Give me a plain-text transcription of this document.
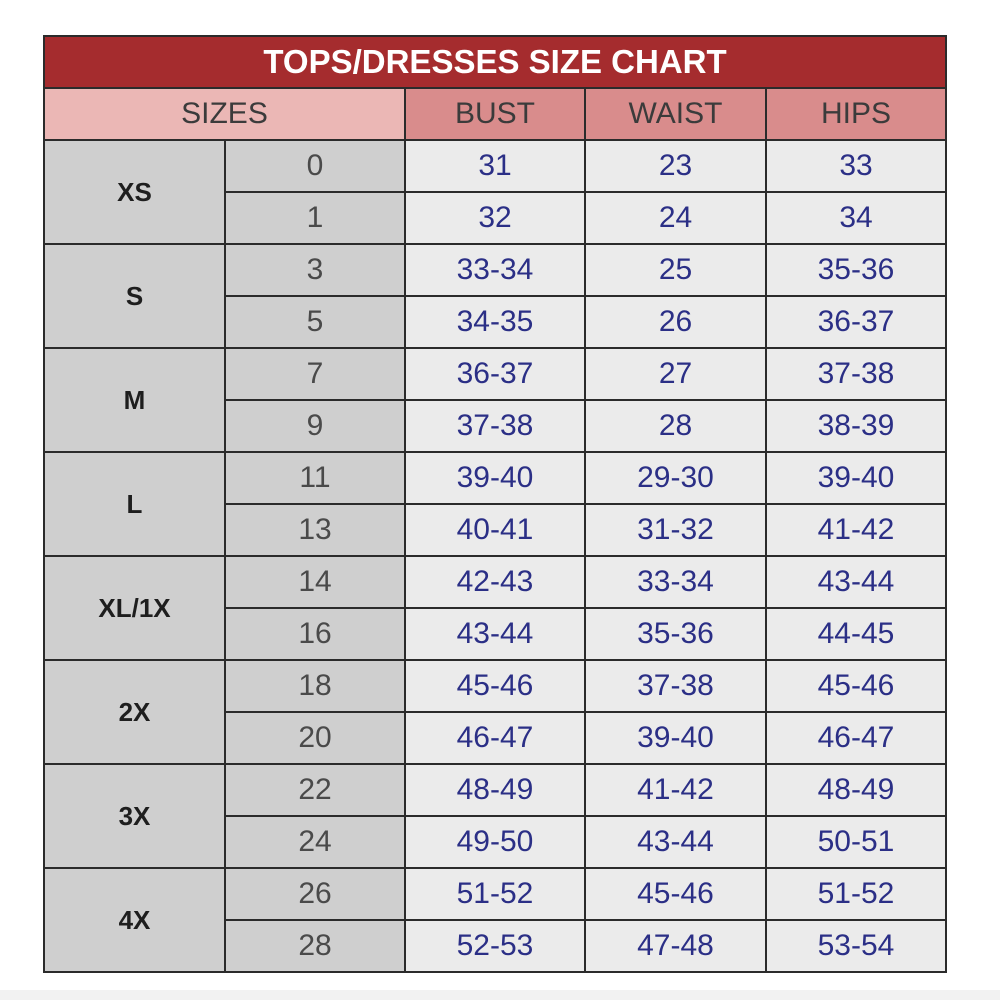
TOPS/DRESSES SIZE CHART				
SIZES		BUST	WAIST	HIPS
XS	0	31	23	33
	1	32	24	34
S	3	33-34	25	35-36
	5	34-35	26	36-37
M	7	36-37	27	37-38
	9	37-38	28	38-39
L	11	39-40	29-30	39-40
	13	40-41	31-32	41-42
XL/1X	14	42-43	33-34	43-44
	16	43-44	35-36	44-45
2X	18	45-46	37-38	45-46
	20	46-47	39-40	46-47
3X	22	48-49	41-42	48-49
	24	49-50	43-44	50-51
4X	26	51-52	45-46	51-52
	28	52-53	47-48	53-54
